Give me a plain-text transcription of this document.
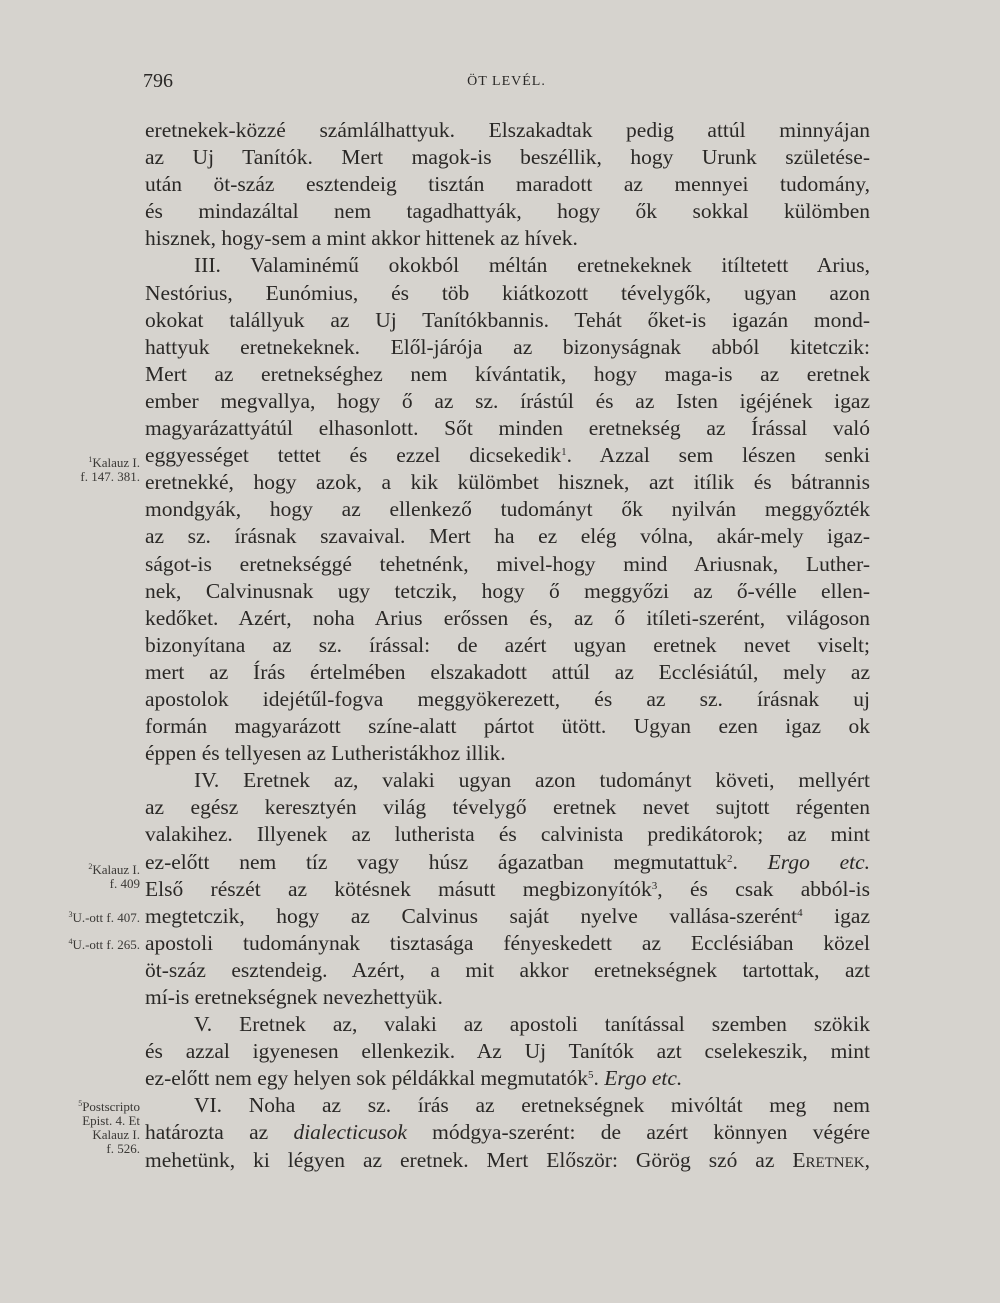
796	ÖT LEVÉL.
eretnekek-közzé számlálhattyuk. Elszakadtak pedig attúl minnyájan
az Uj Tanítók. Mert magok-is beszéllik, hogy Urunk születése-
után öt-száz esztendeig tisztán maradott az mennyei tudomány,
és mindazáltal nem tagadhattyák, hogy ők sokkal külömben
hisznek, hogy-sem a mint akkor hittenek az hívek.
III. Valaminémű okokból méltán eretnekeknek itíltetett Arius,
Nestórius, Eunómius, és töb kiátkozott tévelygők, ugyan azon
okokat talállyuk az Uj Tanítókbannis. Tehát őket-is igazán mond-
hattyuk eretnekeknek. Elől-járója az bizonyságnak abból kitetczik:
Mert az eretnekséghez nem kívántatik, hogy maga-is az eretnek
ember megvallya, hogy ő az sz. írástúl és az Isten igéjének igaz
magyarázattyátúl elhasonlott. Sőt minden eretnekség az Írással való
eggyességet tettet és ezzel dicsekedik$^1$. Azzal sem lészen senki
eretnekké, hogy azok, a kik külömbet hisznek, azt itílik és bátrannis
mondgyák, hogy az ellenkező tudományt ők nyilván meggyőzték
az sz. írásnak szavaival. Mert ha ez elég vólna, akár-mely igaz-
ságot-is eretnekséggé tehetnénk, mivel-hogy mind Ariusnak, Luther-
nek, Calvinusnak ugy tetczik, hogy ő meggyőzi az ő-vélle ellen-
kedőket. Azért, noha Arius erőssen és, az ő itíleti-szerént, világoson
bizonyítana az sz. írással: de azért ugyan eretnek nevet viselt;
mert az Írás értelmében elszakadott attúl az Ecclésiátúl, mely az
apostolok idejétűl-fogva meggyökerezett, és az sz. írásnak uj
formán magyarázott színe-alatt pártot ütött. Ugyan ezen igaz ok
éppen és tellyesen az Lutheristákhoz illik.
IV. Eretnek az, valaki ugyan azon tudományt követi, mellyért
az egész keresztyén világ tévelygő eretnek nevet sujtott régenten
valakihez. Illyenek az lutherista és calvinista predikátorok; az mint
ez-előtt nem tíz vagy húsz ágazatban megmutattuk$^2$. Ergo etc.
Első részét az kötésnek másutt megbizonyítók$^3$, és csak abból-is
megtetczik, hogy az Calvinus saját nyelve vallása-szerént$^4$ igaz
apostoli tudománynak tisztasága fényeskedett az Ecclésiában közel
öt-száz esztendeig. Azért, a mit akkor eretnekségnek tartottak, azt
mí-is eretnekségnek nevezhettyük.
V. Eretnek az, valaki az apostoli tanítással szemben szökik
és azzal igyenesen ellenkezik. Az Uj Tanítók azt cselekeszik, mint
ez-előtt nem egy helyen sok példákkal megmutatók$^5$. Ergo etc.
VI. Noha az sz. írás az eretnekségnek mivóltát meg nem
határozta az dialecticusok módgya-szerént: de azért könnyen végére
mehetünk, ki légyen az eretnek. Mert Először: Görög szó az Eretnek,
$^1$Kalauz I.
f. 147. 381.
$^2$Kalauz I.
f. 409
$^3$U.-ott f. 407.
$^4$U.-ott f. 265.
$^5$Postscripto
Epist. 4. Et
Kalauz I.
f. 526.
